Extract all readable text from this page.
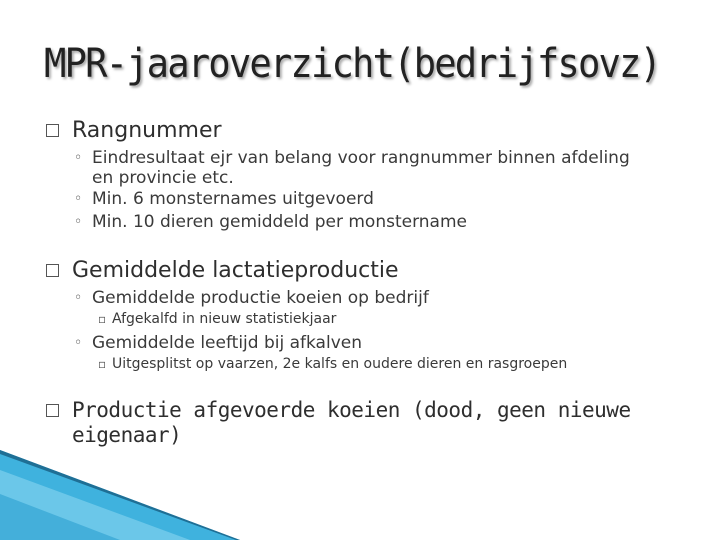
MPR-jaaroverzicht(bedrijfsovz)
Rangnummer
◦ Eindresultaat ejr van belang voor rangnummer binnen afdeling en provincie etc.
◦ Min. 6 monsternames uitgevoerd
◦ Min. 10 dieren gemiddeld per monstername
Gemiddelde lactatieproductie
◦ Gemiddelde productie koeien op bedrijf
▫ Afgekalfd in nieuw statistiekjaar
◦ Gemiddelde leeftijd bij afkalven
▫ Uitgesplitst op vaarzen, 2e kalfs en oudere dieren en rasgroepen
Productie afgevoerde koeien (dood, geen nieuwe eigenaar)
